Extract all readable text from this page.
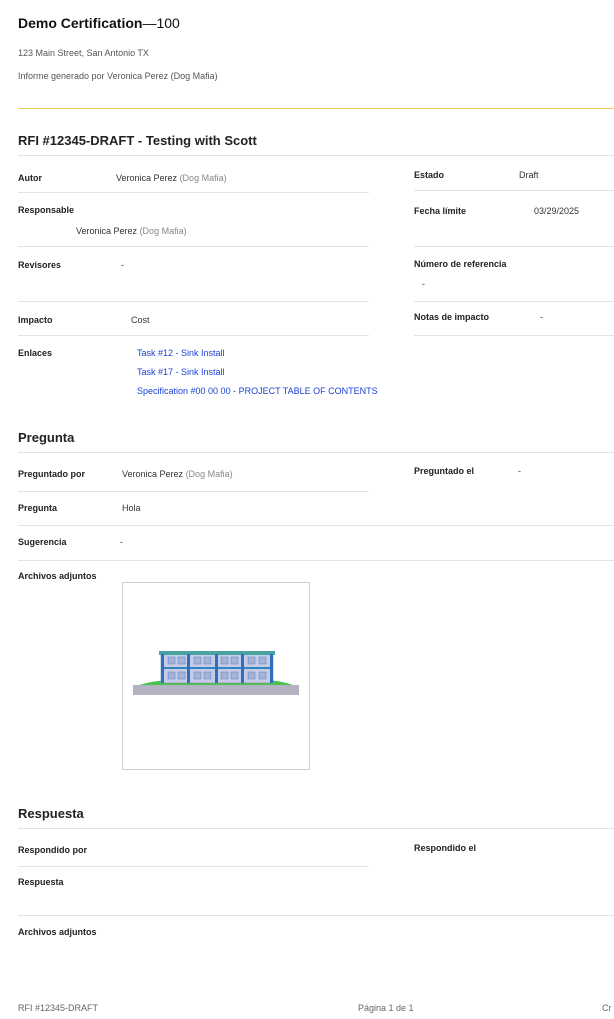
Demo Certification—100
123 Main Street, San Antonio TX
Informe generado por Veronica Perez (Dog Mafia)
RFI #12345-DRAFT - Testing with Scott
Autor	Veronica Perez (Dog Mafia)
Responsable
Veronica Perez (Dog Mafia)
Revisores	-
Impacto	Cost
Enlaces	Task #12 - Sink Install
Task #17 - Sink Install
Specification #00 00 00 - PROJECT TABLE OF CONTENTS
Estado	Draft
Fecha límite	03/29/2025
Número de referencia
-
Notas de impacto	-
Pregunta
Preguntado por	Veronica Perez (Dog Mafia)	Preguntado el	-
Pregunta	Hola
Sugerencia	-
Archivos adjuntos
Respuesta
Respondido por	Respondido el
Respuesta
Archivos adjuntos
RFI #12345-DRAFT	Página 1 de 1	Cr
